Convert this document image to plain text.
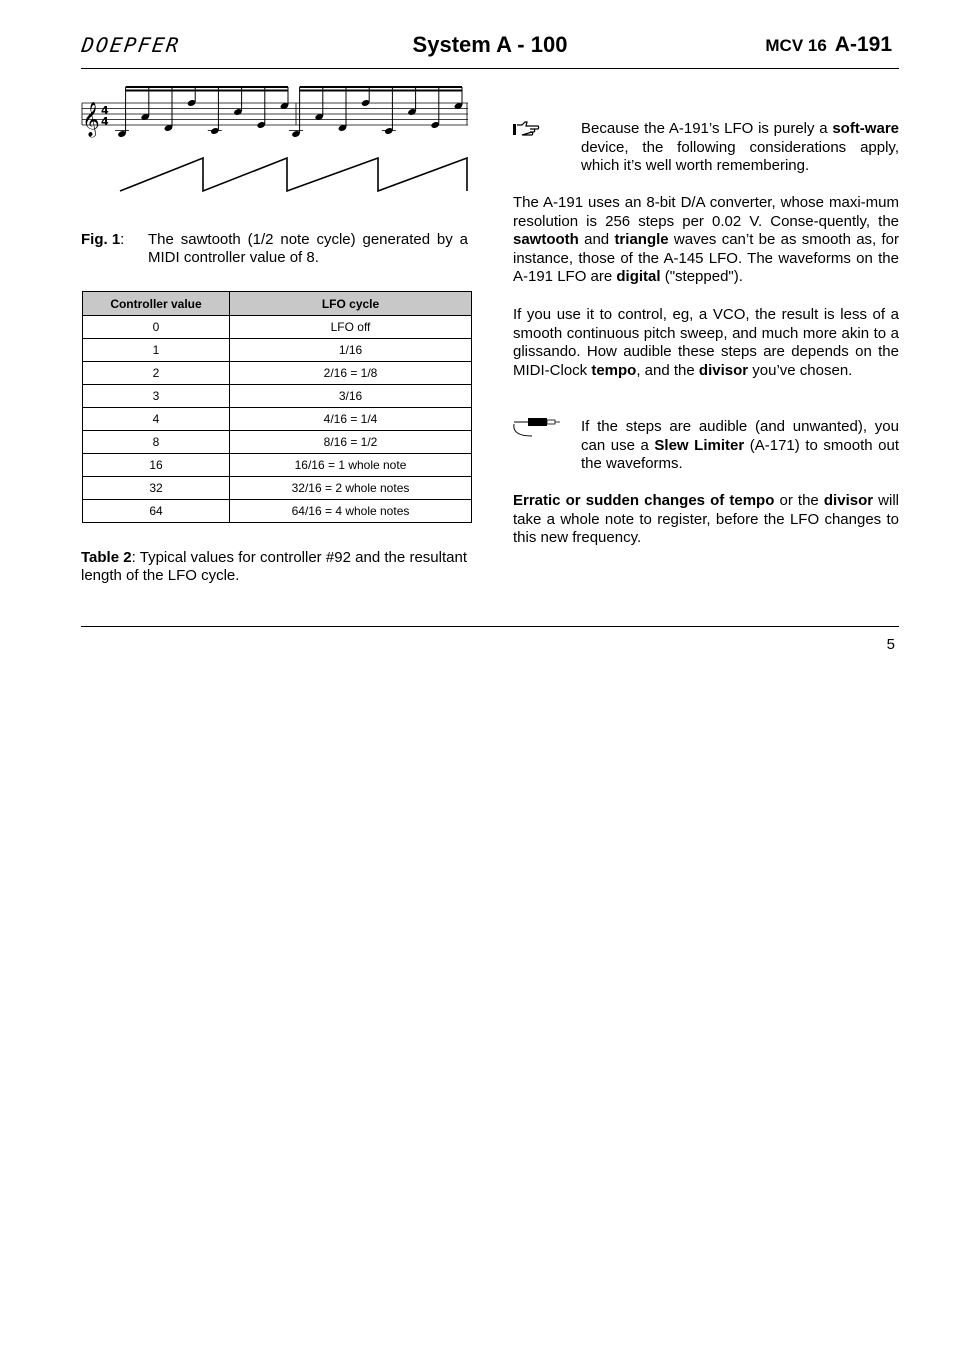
DOEPFER	System A - 100	MCV 16 A-191
𝄞 4
4
Fig. 1: The sawtooth (1/2 note cycle) generated by a MIDI controller value of 8.
Controller value	LFO cycle
0	LFO off
1	1/16
2	2/16 = 1/8
3	3/16
4	4/16 = 1/4
8	8/16 = 1/2
16	16/16 = 1 whole note
32	32/16 = 2 whole notes
64	64/16 = 4 whole notes
Table 2: Typical values for controller #92 and the resultant length of the LFO cycle.
Because the A-191’s LFO is purely a soft-ware device, the following considerations apply, which it’s well worth remembering.
The A-191 uses an 8-bit D/A converter, whose maxi-mum resolution is 256 steps per 0.02 V. Conse-quently, the sawtooth and triangle waves can’t be as smooth as, for instance, those of the A-145 LFO. The waveforms on the A-191 LFO are digital ("stepped").
If you use it to control, eg, a VCO, the result is less of a smooth continuous pitch sweep, and much more akin to a glissando. How audible these steps are depends on the MIDI-Clock tempo, and the divisor you’ve chosen.
If the steps are audible (and unwanted), you can use a Slew Limiter (A-171) to smooth out the waveforms.
Erratic or sudden changes of tempo or the divisor will take a whole note to register, before the LFO changes to this new frequency.
5
